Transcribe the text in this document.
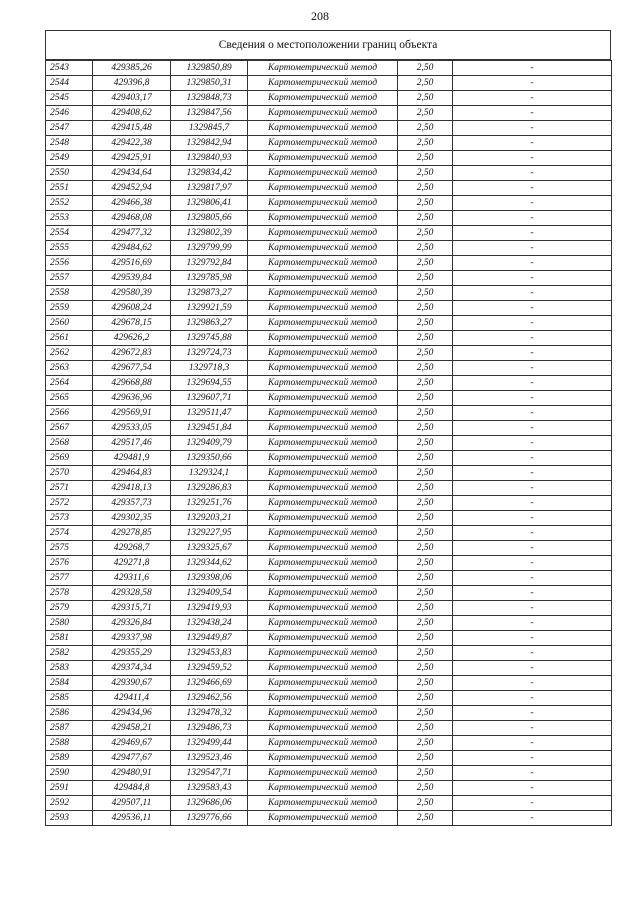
208
Сведения о местоположении границ объекта
2543	429385,26	1329850,89	Картометрический метод	2,50	-
2544	429396,8	1329850,31	Картометрический метод	2,50	-
2545	429403,17	1329848,73	Картометрический метод	2,50	-
2546	429408,62	1329847,56	Картометрический метод	2,50	-
2547	429415,48	1329845,7	Картометрический метод	2,50	-
2548	429422,38	1329842,94	Картометрический метод	2,50	-
2549	429425,91	1329840,93	Картометрический метод	2,50	-
2550	429434,64	1329834,42	Картометрический метод	2,50	-
2551	429452,94	1329817,97	Картометрический метод	2,50	-
2552	429466,38	1329806,41	Картометрический метод	2,50	-
2553	429468,08	1329805,66	Картометрический метод	2,50	-
2554	429477,32	1329802,39	Картометрический метод	2,50	-
2555	429484,62	1329799,99	Картометрический метод	2,50	-
2556	429516,69	1329792,84	Картометрический метод	2,50	-
2557	429539,84	1329785,98	Картометрический метод	2,50	-
2558	429580,39	1329873,27	Картометрический метод	2,50	-
2559	429608,24	1329921,59	Картометрический метод	2,50	-
2560	429678,15	1329863,27	Картометрический метод	2,50	-
2561	429626,2	1329745,88	Картометрический метод	2,50	-
2562	429672,83	1329724,73	Картометрический метод	2,50	-
2563	429677,54	1329718,3	Картометрический метод	2,50	-
2564	429668,88	1329694,55	Картометрический метод	2,50	-
2565	429636,96	1329607,71	Картометрический метод	2,50	-
2566	429569,91	1329511,47	Картометрический метод	2,50	-
2567	429533,05	1329451,84	Картометрический метод	2,50	-
2568	429517,46	1329409,79	Картометрический метод	2,50	-
2569	429481,9	1329350,66	Картометрический метод	2,50	-
2570	429464,83	1329324,1	Картометрический метод	2,50	-
2571	429418,13	1329286,83	Картометрический метод	2,50	-
2572	429357,73	1329251,76	Картометрический метод	2,50	-
2573	429302,35	1329203,21	Картометрический метод	2,50	-
2574	429278,85	1329227,95	Картометрический метод	2,50	-
2575	429268,7	1329325,67	Картометрический метод	2,50	-
2576	429271,8	1329344,62	Картометрический метод	2,50	-
2577	429311,6	1329398,06	Картометрический метод	2,50	-
2578	429328,58	1329409,54	Картометрический метод	2,50	-
2579	429315,71	1329419,93	Картометрический метод	2,50	-
2580	429326,84	1329438,24	Картометрический метод	2,50	-
2581	429337,98	1329449,87	Картометрический метод	2,50	-
2582	429355,29	1329453,83	Картометрический метод	2,50	-
2583	429374,34	1329459,52	Картометрический метод	2,50	-
2584	429390,67	1329466,69	Картометрический метод	2,50	-
2585	429411,4	1329462,56	Картометрический метод	2,50	-
2586	429434,96	1329478,32	Картометрический метод	2,50	-
2587	429458,21	1329486,73	Картометрический метод	2,50	-
2588	429469,67	1329499,44	Картометрический метод	2,50	-
2589	429477,67	1329523,46	Картометрический метод	2,50	-
2590	429480,91	1329547,71	Картометрический метод	2,50	-
2591	429484,8	1329583,43	Картометрический метод	2,50	-
2592	429507,11	1329686,06	Картометрический метод	2,50	-
2593	429536,11	1329776,66	Картометрический метод	2,50	-
